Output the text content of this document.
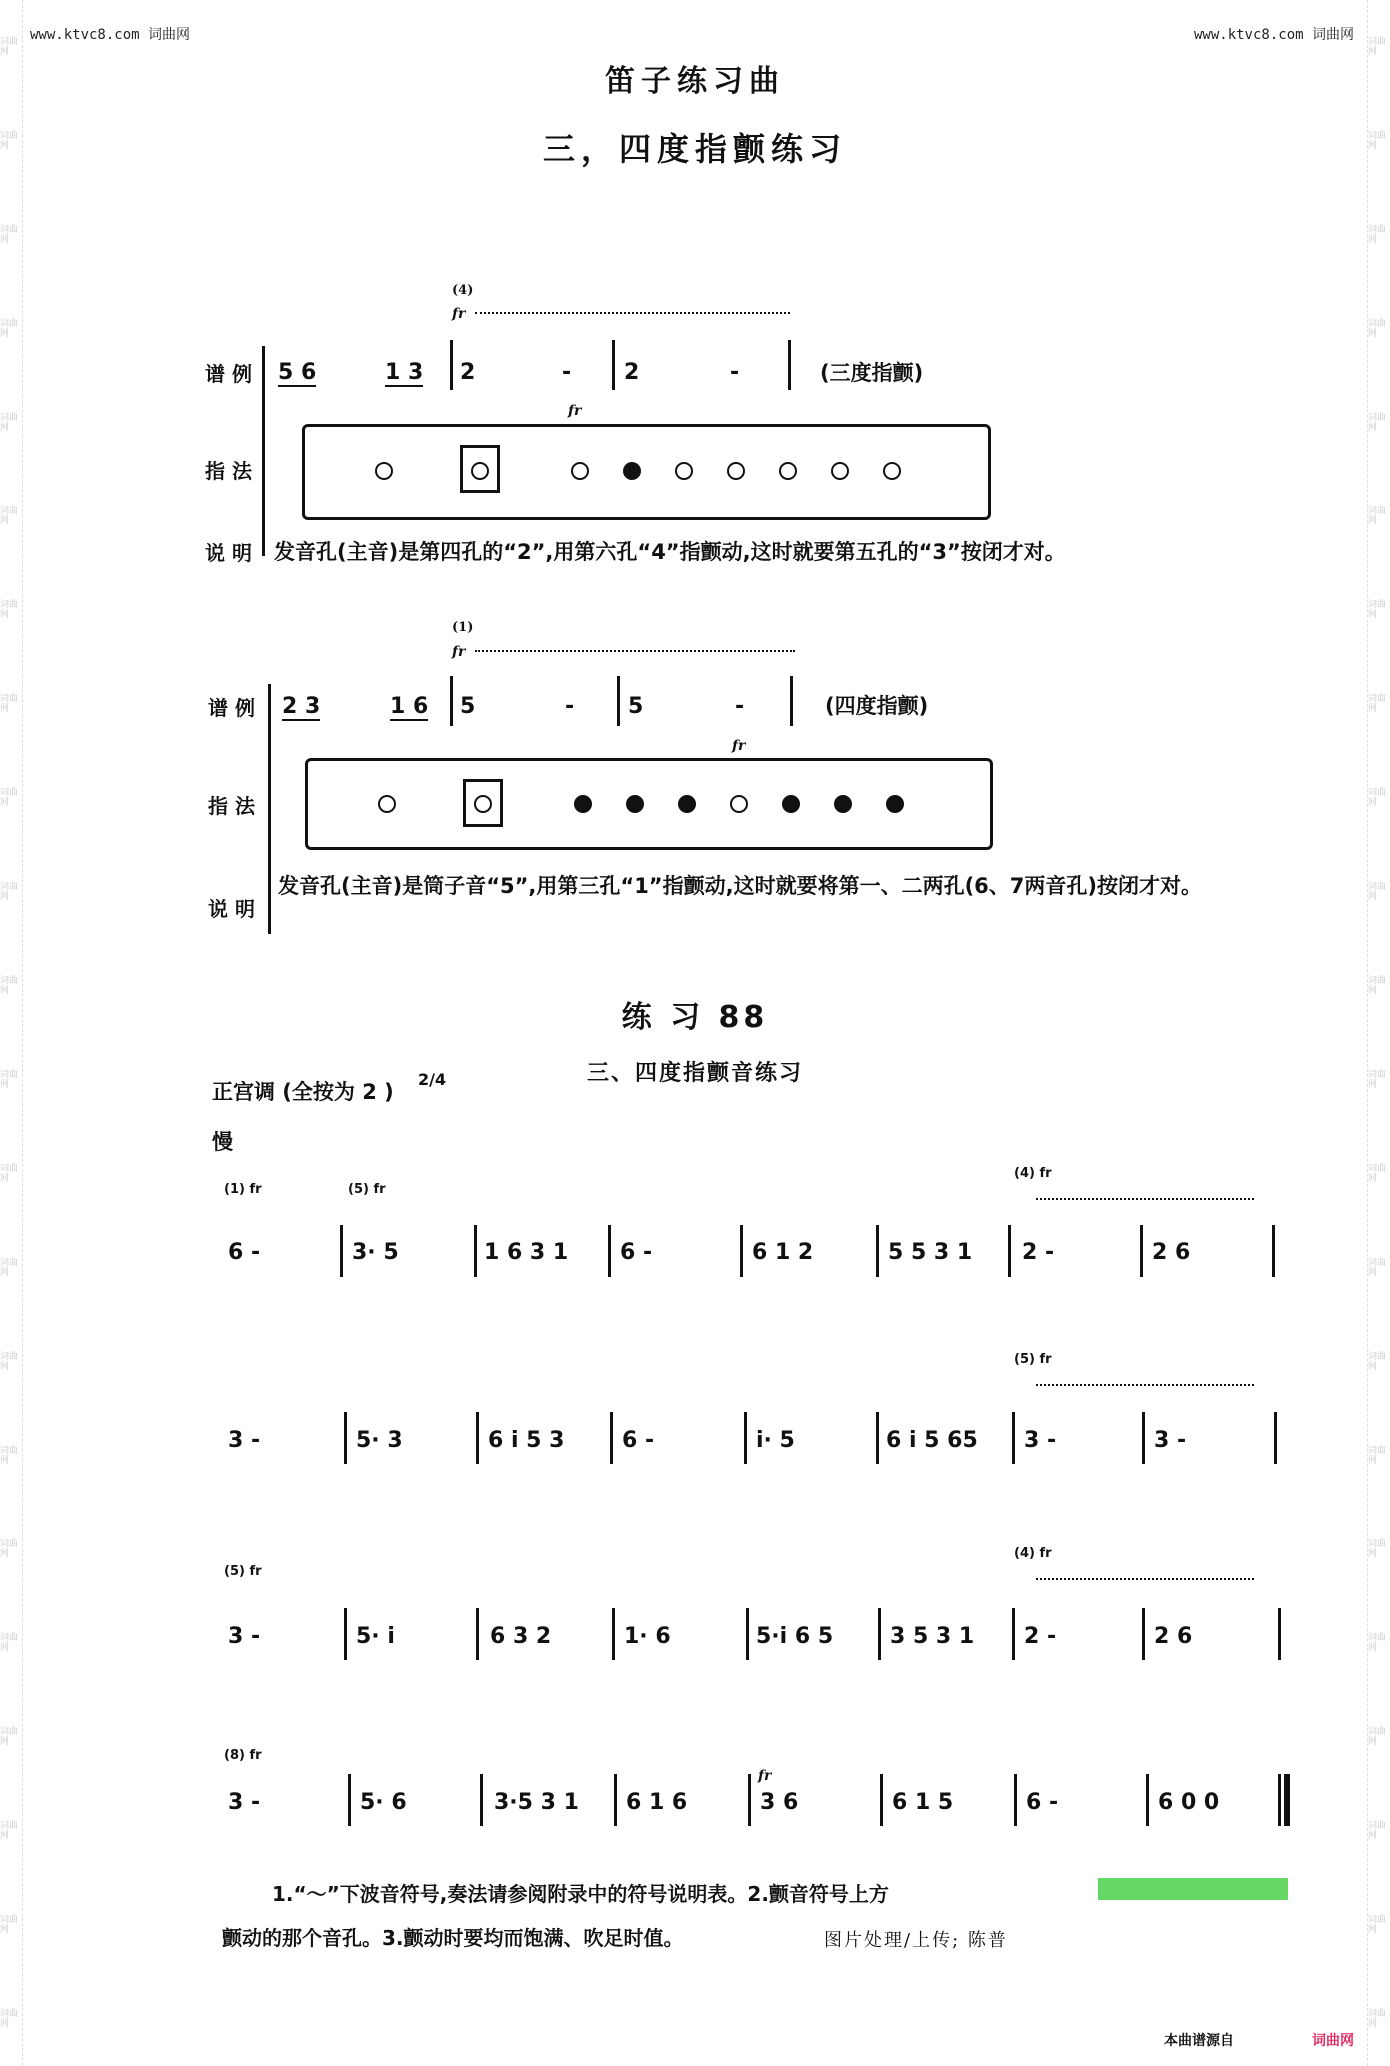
词曲网
词曲网
词曲网
词曲网
词曲网
词曲网
词曲网
词曲网
词曲网
词曲网
词曲网
词曲网
词曲网
词曲网
词曲网
词曲网
词曲网
词曲网
词曲网
词曲网
词曲网
词曲网
词曲网
词曲网
词曲网
词曲网
词曲网
词曲网
词曲网
词曲网
词曲网
词曲网
词曲网
词曲网
词曲网
词曲网
词曲网
词曲网
词曲网
词曲网
词曲网
词曲网
词曲网
词曲网
www.ktvc8.com 词曲网	www.ktvc8.com 词曲网
笛子练习曲
三，四度指颤练习
谱 例
指 法
说 明
(4)
fr
5 6	1 3 2	- 2	-	(三度指颤)
fr
发音孔(主音)是第四孔的“2”,用第六孔“4”指颤动,这时就要第五孔的“3”按闭才对。
谱 例
指 法
说 明
(1)
fr
2 3	1 6 5	- 5	-	(四度指颤)
fr
发音孔(主音)是筒子音“5”,用第三孔“1”指颤动,这时就要将第一、二两孔(6、7两音孔)按闭才对。
练 习 88
三、四度指颤音练习
正宫调 (全按为 2 )
2/4
慢
(1) fr	(5) fr
(4) fr
6 -	3· 5	1 6 3 1 6 -	6 1 2	5 5 3 1 2 -	2 6
(5) fr
3 -	5· 3	6 i 5 3	6 -	i· 5	6 i 5 65 3 -	3 -
(5) fr
(4) fr
3 -	5· i	6 3 2	1· 6	5·i 6 5	3 5 3 1 2 -	2 6
(8) fr
fr
3 -	5· 6	3·5 3 1 6 1 6	3 6	6 1 5	6 -	6 0 0
1.“～”下波音符号,奏法请参阅附录中的符号说明表。2.颤音符号上方
颤动的那个音孔。3.颤动时要均而饱满、吹足时值。	图片处理/上传; 陈普
本曲谱源自	词曲网
